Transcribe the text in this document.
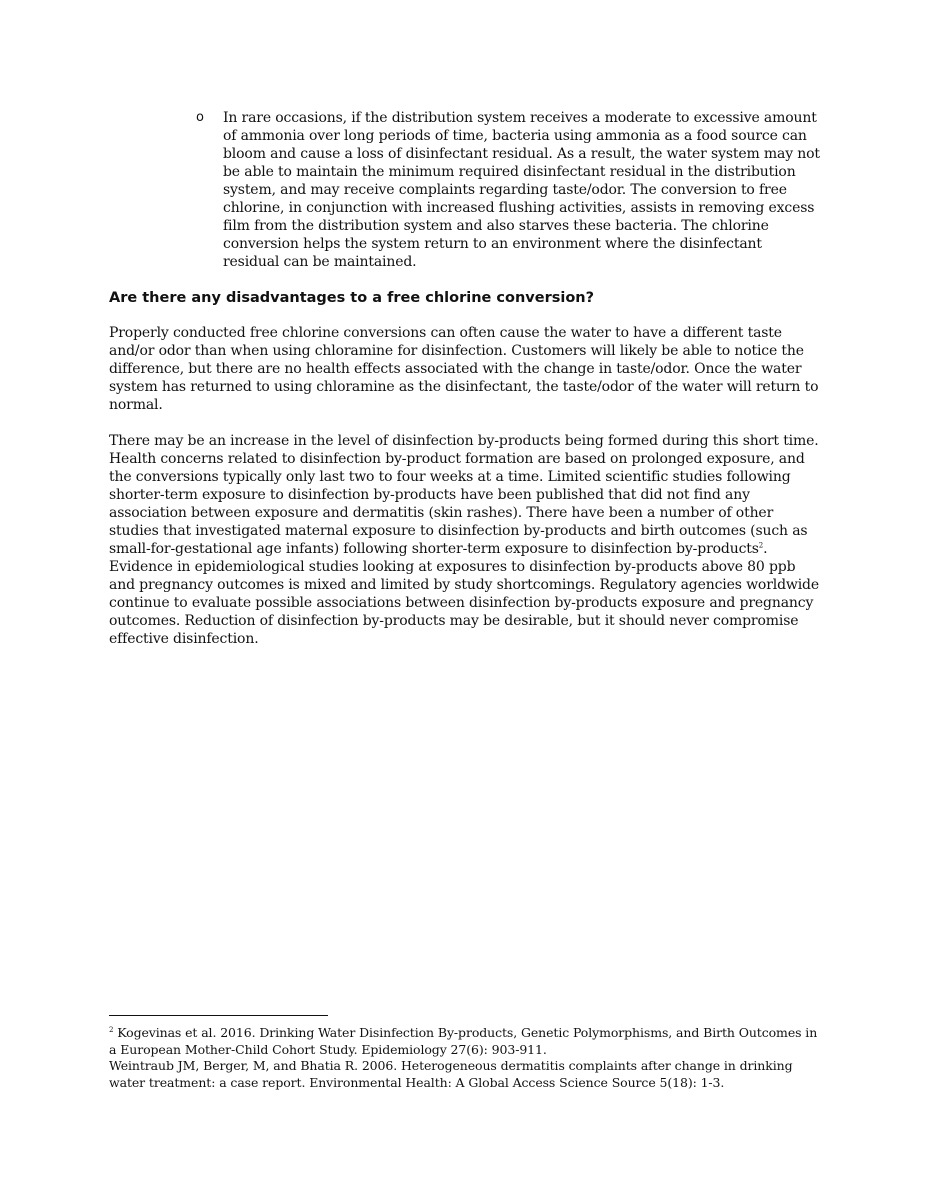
o In rare occasions, if the distribution system receives a moderate to excessive amount of ammonia over long periods of time, bacteria using ammonia as a food source can bloom and cause a loss of disinfectant residual. As a result, the water system may not be able to maintain the minimum required disinfectant residual in the distribution system, and may receive complaints regarding taste/odor. The conversion to free chlorine, in conjunction with increased flushing activities, assists in removing excess film from the distribution system and also starves these bacteria. The chlorine conversion helps the system return to an environment where the disinfectant residual can be maintained.
Are there any disadvantages to a free chlorine conversion?

Properly conducted free chlorine conversions can often cause the water to have a different taste and/or odor than when using chloramine for disinfection. Customers will likely be able to notice the difference, but there are no health effects associated with the change in taste/odor. Once the water system has returned to using chloramine as the disinfectant, the taste/odor of the water will return to normal.

There may be an increase in the level of disinfection by-products being formed during this short time. Health concerns related to disinfection by-product formation are based on prolonged exposure, and the conversions typically only last two to four weeks at a time. Limited scientific studies following shorter-term exposure to disinfection by-products have been published that did not find any association between exposure and dermatitis (skin rashes). There have been a number of other studies that investigated maternal exposure to disinfection by-products and birth outcomes (such as small-for-gestational age infants) following shorter-term exposure to disinfection by-products$^2$. Evidence in epidemiological studies looking at exposures to disinfection by-products above 80 ppb and pregnancy outcomes is mixed and limited by study shortcomings. Regulatory agencies worldwide continue to evaluate possible associations between disinfection by-products exposure and pregnancy outcomes. Reduction of disinfection by-products may be desirable, but it should never compromise effective disinfection.

$^2$ Kogevinas et al. 2016. Drinking Water Disinfection By-products, Genetic Polymorphisms, and Birth Outcomes in a European Mother-Child Cohort Study. Epidemiology 27(6): 903-911.

Weintraub JM, Berger, M, and Bhatia R. 2006. Heterogeneous dermatitis complaints after change in drinking water treatment: a case report. Environmental Health: A Global Access Science Source 5(18): 1-3.
